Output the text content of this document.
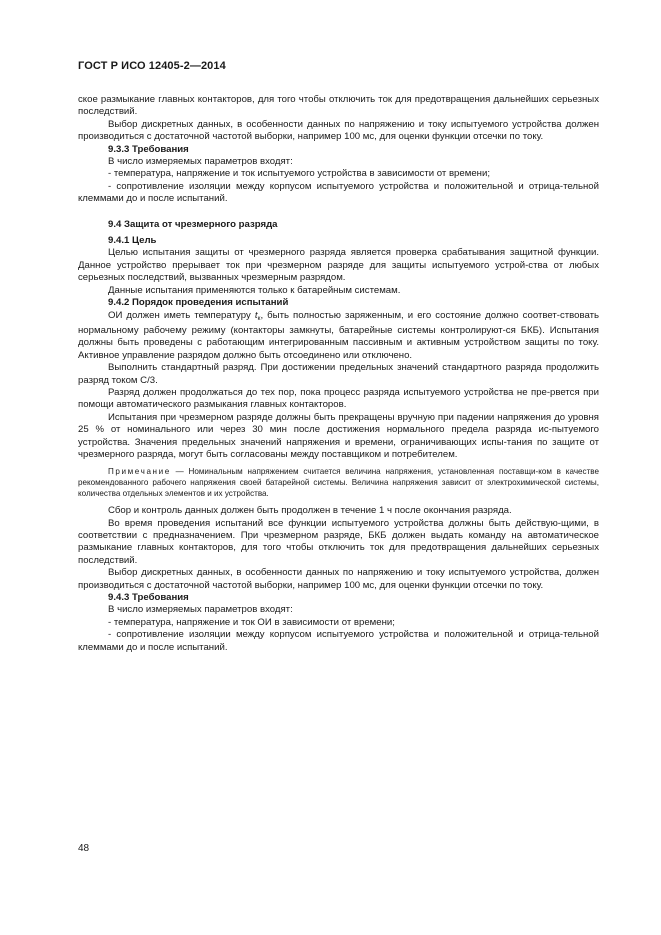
ГОСТ Р ИСО 12405-2—2014

ское размыкание главных контакторов, для того чтобы отключить ток для предотвращения дальнейших серьезных последствий.

Выбор дискретных данных, в особенности данных по напряжению и току испытуемого устройства должен производиться с достаточной частотой выборки, например 100 мс, для оценки функции отсечки по току.

9.3.3 Требования

В число измеряемых параметров входят:

- температура, напряжение и ток испытуемого устройства в зависимости от времени;

- сопротивление изоляции между корпусом испытуемого устройства и положительной и отрица-тельной клеммами до и после испытаний.

9.4 Защита от чрезмерного разряда

9.4.1 Цель

Целью испытания защиты от чрезмерного разряда является проверка срабатывания защитной функции. Данное устройство прерывает ток при чрезмерном разряде для защиты испытуемого устрой-ства от любых серьезных последствий, вызванных чрезмерным разрядом.

Данные испытания применяются только к батарейным системам.

9.4.2 Порядок проведения испытаний

ОИ должен иметь температуру $t_к$, быть полностью заряженным, и его состояние должно соответ-ствовать нормальному рабочему режиму (контакторы замкнуты, батарейные системы контролируют-ся БКБ). Испытания должны быть проведены с работающим интегрированным пассивным и активным устройством защиты по току. Активное управление разрядом должно быть отсоединено или отключено.

Выполнить стандартный разряд. При достижении предельных значений стандартного разряда продолжить разряд током C/3.

Разряд должен продолжаться до тех пор, пока процесс разряда испытуемого устройства не пре-рвется при помощи автоматического размыкания главных контакторов.

Испытания при чрезмерном разряде должны быть прекращены вручную при падении напряжения до уровня 25 % от номинального или через 30 мин после достижения нормального предела разряда ис-пытуемого устройства. Значения предельных значений напряжения и времени, ограничивающих испы-тания по защите от чрезмерного разряда, могут быть согласованы между поставщиком и потребителем.

Примечание — Номинальным напряжением считается величина напряжения, установленная поставщи-ком в качестве рекомендованного рабочего напряжения своей батарейной системы. Величина напряжения зависит от электрохимической системы, количества отдельных элементов и их устройства.

Сбор и контроль данных должен быть продолжен в течение 1 ч после окончания разряда.

Во время проведения испытаний все функции испытуемого устройства должны быть действую-щими, в соответствии с предназначением. При чрезмерном разряде, БКБ должен выдать команду на автоматическое размыкание главных контакторов, для того чтобы отключить ток для предотвращения дальнейших серьезных последствий.

Выбор дискретных данных, в особенности данных по напряжению и току испытуемого устройства, должен производиться с достаточной частотой выборки, например 100 мс, для оценки функции отсечки по току.

9.4.3 Требования

В число измеряемых параметров входят:

- температура, напряжение и ток ОИ в зависимости от времени;

- сопротивление изоляции между корпусом испытуемого устройства и положительной и отрица-тельной клеммами до и после испытаний.

48
